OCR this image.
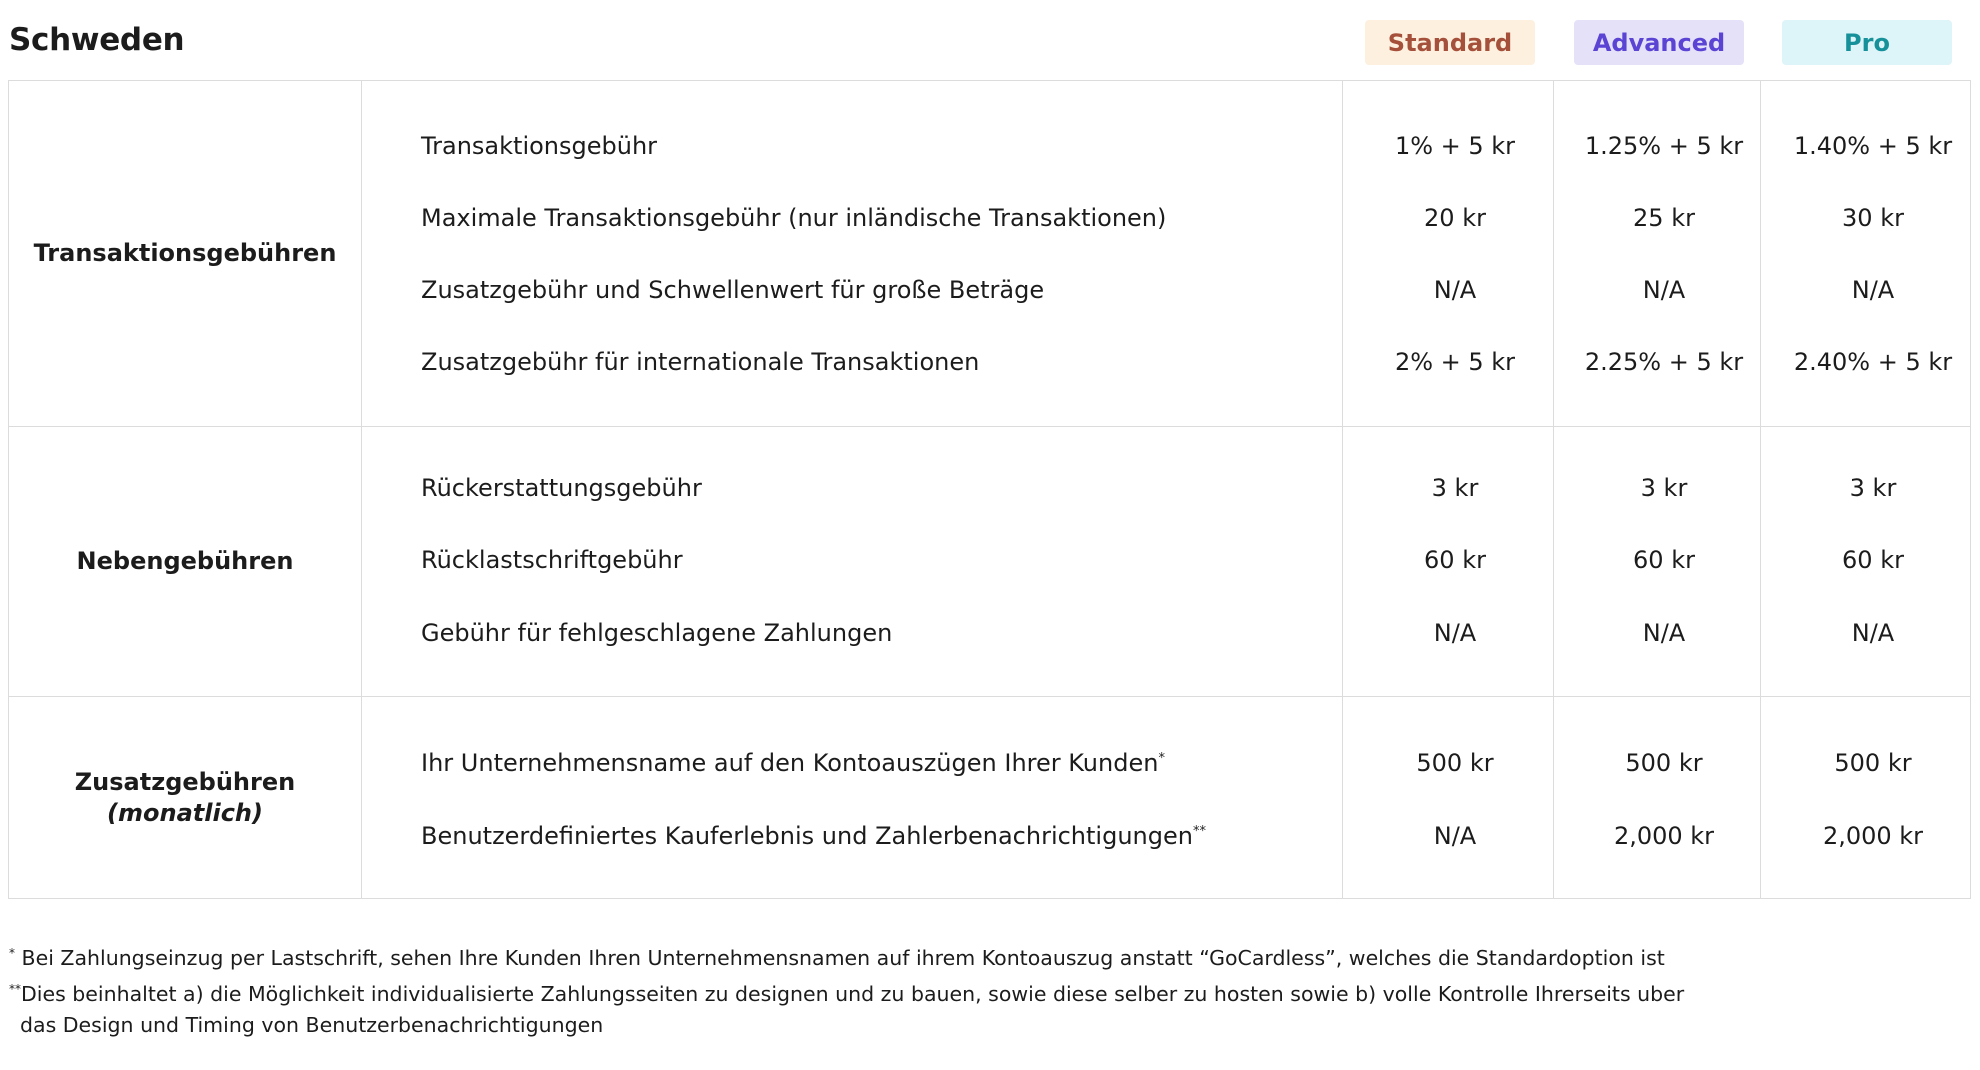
Schweden	Standard	Advanced	Pro
Transaktionsgebühren
Transaktionsgebühr	1% + 5 kr	1.25% + 5 kr	1.40% + 5 kr
Maximale Transaktionsgebühr (nur inländische Transaktionen)	20 kr	25 kr	30 kr
Zusatzgebühr und Schwellenwert für große Beträge	N/A	N/A	N/A
Zusatzgebühr für internationale Transaktionen	2% + 5 kr	2.25% + 5 kr	2.40% + 5 kr
Nebengebühren
Rückerstattungsgebühr	3 kr	3 kr	3 kr
Rücklastschriftgebühr	60 kr	60 kr	60 kr
Gebühr für fehlgeschlagene Zahlungen	N/A	N/A	N/A
Zusatzgebühren
(monatlich)
Ihr Unternehmensname auf den Kontoauszügen Ihrer Kunden*	500 kr	500 kr	500 kr
Benutzerdefiniertes Kauferlebnis und Zahlerbenachrichtigungen**	N/A	2,000 kr	2,000 kr
* Bei Zahlungseinzug per Lastschrift, sehen Ihre Kunden Ihren Unternehmensnamen auf ihrem Kontoauszug anstatt “GoCardless”, welches die Standardoption ist
**Dies beinhaltet a) die Möglichkeit individualisierte Zahlungsseiten zu designen und zu bauen, sowie diese selber zu hosten sowie b) volle Kontrolle Ihrerseits uber
das Design und Timing von Benutzerbenachrichtigungen
